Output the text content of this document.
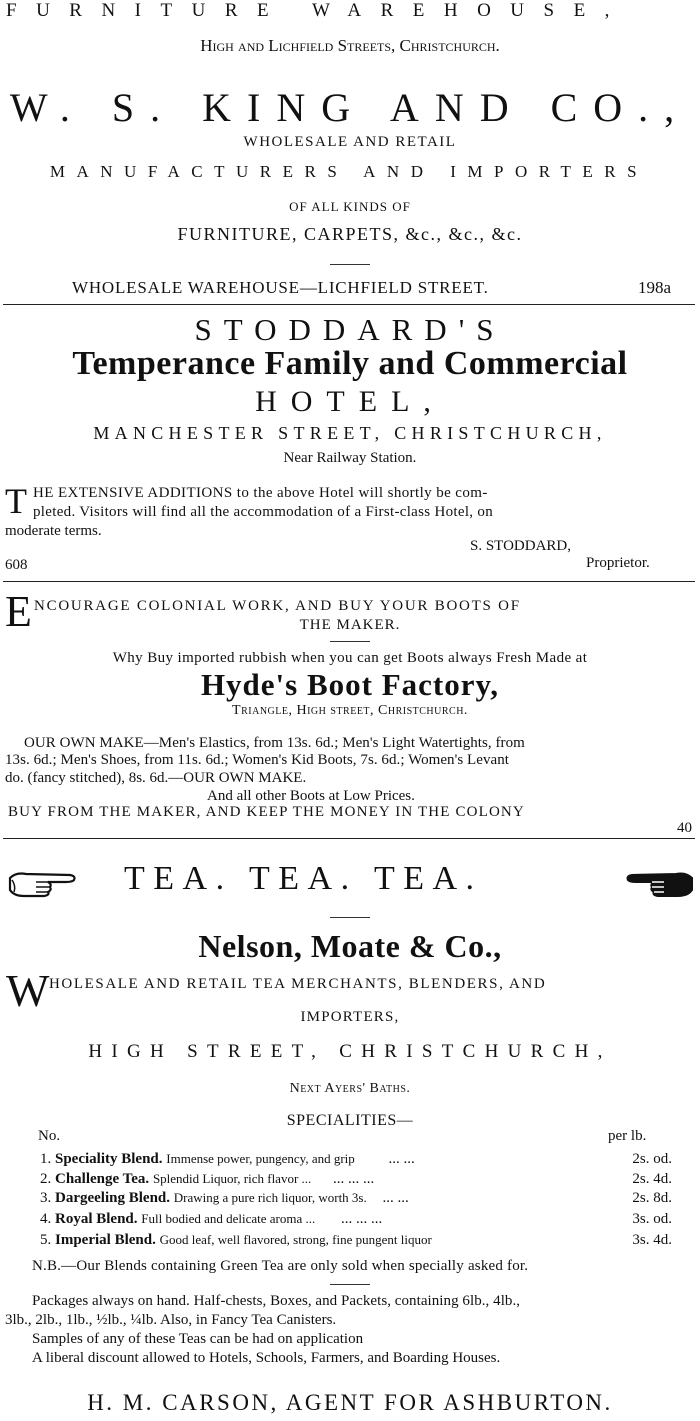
FURNITURE WAREHOUSE,
High and Lichfield Streets, Christchurch.
W. S. KING AND CO.,
WHOLESALE AND RETAIL
MANUFACTURERS AND IMPORTERS
OF ALL KINDS OF
FURNITURE, CARPETS, &c., &c., &c.
WHOLESALE WAREHOUSE—LICHFIELD STREET.	198a
STODDARD'S
Temperance Family and Commercial
HOTEL,
MANCHESTER STREET, CHRISTCHURCH,
Near Railway Station.
T HE EXTENSIVE ADDITIONS to the above Hotel will shortly be com-
pleted. Visitors will find all the accommodation of a First-class Hotel, on
moderate terms.
S. STODDARD,
608	Proprietor.
E NCOURAGE COLONIAL WORK, AND BUY YOUR BOOTS OF
THE MAKER.
Why Buy imported rubbish when you can get Boots always Fresh Made at
Hyde's Boot Factory,
Triangle, High street, Christchurch.
OUR OWN MAKE—Men's Elastics, from 13s. 6d.; Men's Light Watertights, from
13s. 6d.; Men's Shoes, from 11s. 6d.; Women's Kid Boots, 7s. 6d.; Women's Levant
do. (fancy stitched), 8s. 6d.—OUR OWN MAKE.
And all other Boots at Low Prices.
BUY FROM THE MAKER, AND KEEP THE MONEY IN THE COLONY
40
TEA. TEA. TEA.
Nelson, Moate & Co.,
W HOLESALE AND RETAIL TEA MERCHANTS, BLENDERS, AND
IMPORTERS,
HIGH STREET, CHRISTCHURCH,
Next Ayers' Baths.
SPECIALITIES—
No.	per lb.
1. Speciality Blend. Immense power, pungency, and grip ... ...	2s. od.
2. Challenge Tea. Splendid Liquor, rich flavor ... ... ... ...	2s. 4d.
3. Dargeeling Blend. Drawing a pure rich liquor, worth 3s. ... ...	2s. 8d.
4. Royal Blend. Full bodied and delicate aroma ... ... ... ...	3s. od.
5. Imperial Blend. Good leaf, well flavored, strong, fine pungent liquor	3s. 4d.
N.B.—Our Blends containing Green Tea are only sold when specially asked for.
Packages always on hand. Half-chests, Boxes, and Packets, containing 6lb., 4lb.,
3lb., 2lb., 1lb., ½lb., ¼lb. Also, in Fancy Tea Canisters.
Samples of any of these Teas can be had on application
A liberal discount allowed to Hotels, Schools, Farmers, and Boarding Houses.
H. M. CARSON, AGENT FOR ASHBURTON.
